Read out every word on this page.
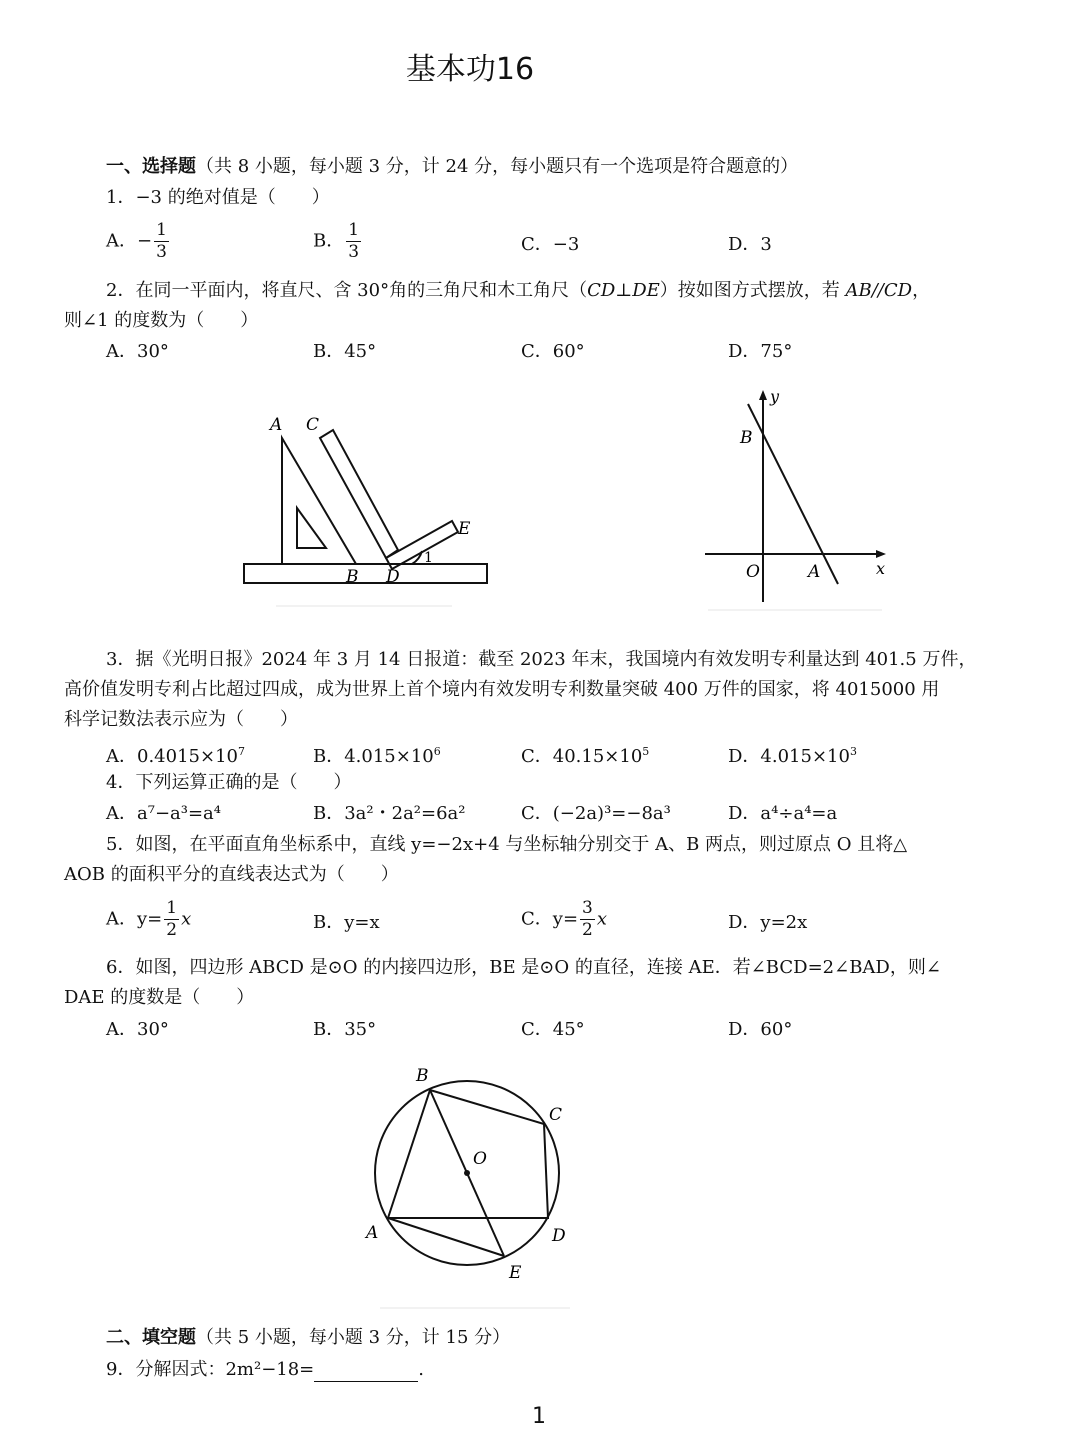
基本功16
一、选择题（共 8 小题，每小题 3 分，计 24 分，每小题只有一个选项是符合题意的）
1．−3 的绝对值是（　　）
A．− $\frac{1}{3}$	B． $\frac{1}{3}$	C．−3	D．3
2．在同一平面内，将直尺、含 30°角的三角尺和木工角尺（CD⊥DE）按如图方式摆放，若 AB//CD，
则∠1 的度数为（　　）
A．30°	B．45°	C．60°	D．75°
A C
E
1
B D
y
B
O	A	x
3．据《光明日报》2024 年 3 月 14 日报道：截至 2023 年末，我国境内有效发明专利量达到 401.5 万件，
高价值发明专利占比超过四成，成为世界上首个境内有效发明专利数量突破 400 万件的国家，将 4015000 用
科学记数法表示应为（　　）
A．$0.4015\times 10^7$	B．$4.015\times 10^6$	C．$40.15\times 10^5$	D．$4.015\times 10^3$
4．下列运算正确的是（　　）
A．a⁷−a³=a⁴	B．3a²・2a²=6a²	C．(−2a)³=−8a³	D．a⁴÷a⁴=a
5．如图，在平面直角坐标系中，直线 y=−2x+4 与坐标轴分别交于 A、B 两点，则过原点 O 且将△
AOB 的面积平分的直线表达式为（　　）
A．$y= \frac{1}{2}$ x	B．y=x	C．$y= \frac{3}{2}$ x	D．y=2x
6．如图，四边形 ABCD 是⊙O 的内接四边形，BE 是⊙O 的直径，连接 AE．若∠BCD=2∠BAD，则∠
DAE 的度数是（　　）
A．30°	B．35°	C．45°	D．60°
B
C
O
A	D
E
二、填空题（共 5 小题，每小题 3 分，计 15 分）
9．分解因式：2m²−18=	.
1
